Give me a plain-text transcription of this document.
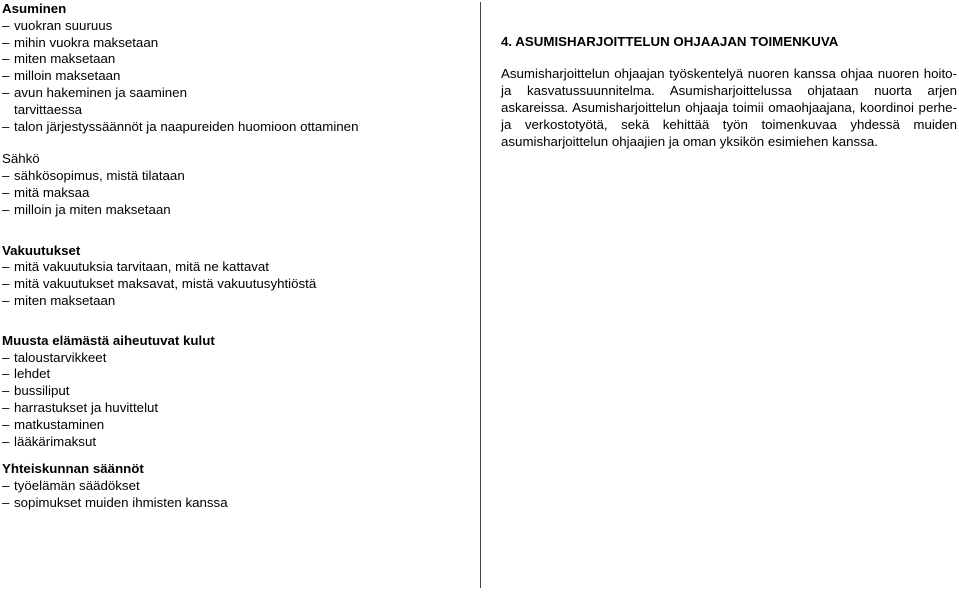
Asuminen
– vuokran suuruus
– mihin vuokra maksetaan
– miten maksetaan
– milloin maksetaan
– avun hakeminen ja saaminen
tarvittaessa
– talon järjestyssäännöt ja naapureiden huomioon ottaminen
Sähkö
– sähkösopimus, mistä tilataan
– mitä maksaa
– milloin ja miten maksetaan
Vakuutukset
– mitä vakuutuksia tarvitaan, mitä ne kattavat
– mitä vakuutukset maksavat, mistä vakuutusyhtiöstä
– miten maksetaan
Muusta elämästä aiheutuvat kulut
– taloustarvikkeet
– lehdet
– bussiliput
– harrastukset ja huvittelut
– matkustaminen
– lääkärimaksut
Yhteiskunnan säännöt
– työelämän säädökset
– sopimukset muiden ihmisten kanssa
4. ASUMISHARJOITTELUN OHJAAJAN TOIMENKUVA
Asumisharjoittelun ohjaajan työskentelyä nuoren kanssa ohjaa nuoren hoito- ja kasvatussuunnitelma. Asumisharjoittelussa ohjataan nuorta arjen askareissa. Asumisharjoittelun ohjaaja toimii omaohjaajana, koordinoi perhe- ja verkostotyötä, sekä kehittää työn toimenkuvaa yhdessä muiden asumisharjoittelun ohjaajien ja oman yksikön esimiehen kanssa.
